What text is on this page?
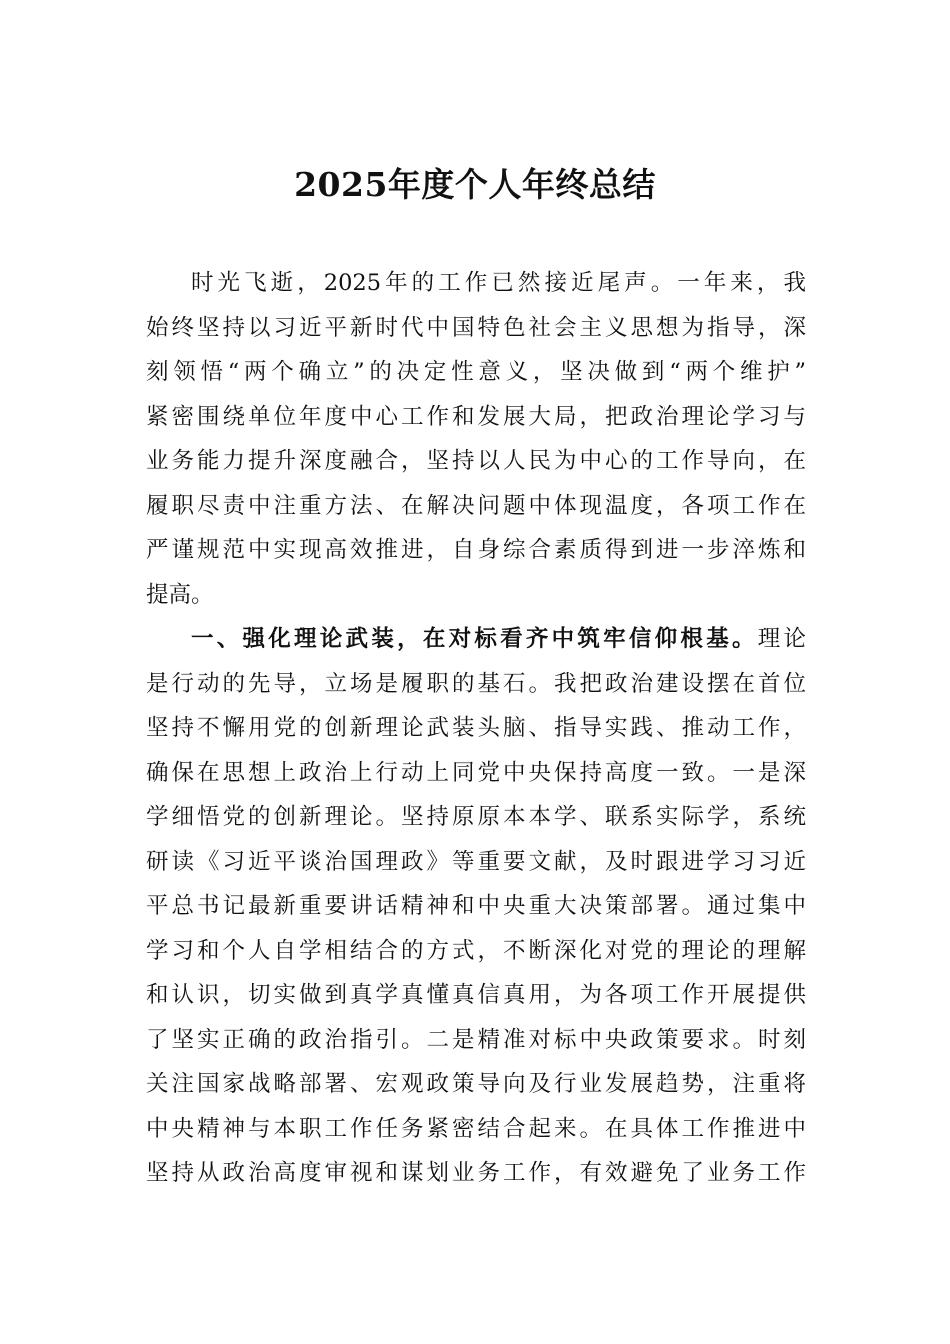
2025年度个人年终总结
时光飞逝，2025年的工作已然接近尾声。一年来，我
始终坚持以习近平新时代中国特色社会主义思想为指导，深
刻领悟“两个确立”的决定性意义，坚决做到“两个维护”
紧密围绕单位年度中心工作和发展大局，把政治理论学习与
业务能力提升深度融合，坚持以人民为中心的工作导向，在
履职尽责中注重方法、在解决问题中体现温度，各项工作在
严谨规范中实现高效推进，自身综合素质得到进一步淬炼和
提高。
一、强化理论武装，在对标看齐中筑牢信仰根基。理论
是行动的先导，立场是履职的基石。我把政治建设摆在首位
坚持不懈用党的创新理论武装头脑、指导实践、推动工作，
确保在思想上政治上行动上同党中央保持高度一致。一是深
学细悟党的创新理论。坚持原原本本学、联系实际学，系统
研读《习近平谈治国理政》等重要文献，及时跟进学习习近
平总书记最新重要讲话精神和中央重大决策部署。通过集中
学习和个人自学相结合的方式，不断深化对党的理论的理解
和认识，切实做到真学真懂真信真用，为各项工作开展提供
了坚实正确的政治指引。二是精准对标中央政策要求。时刻
关注国家战略部署、宏观政策导向及行业发展趋势，注重将
中央精神与本职工作任务紧密结合起来。在具体工作推进中
坚持从政治高度审视和谋划业务工作，有效避免了业务工作
